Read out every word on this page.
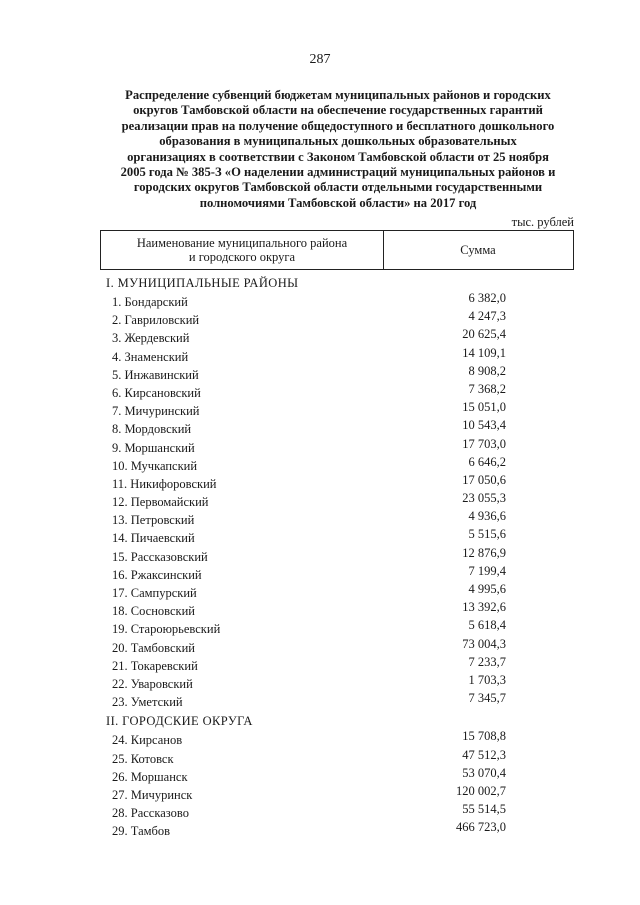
287
Распределение субвенций бюджетам муниципальных районов и городских
округов Тамбовской области на обеспечение государственных гарантий
реализации прав на получение общедоступного и бесплатного дошкольного
образования в муниципальных дошкольных образовательных
организациях в соответствии с Законом Тамбовской области от 25 ноября
2005 года № 385-З «О наделении администраций муниципальных районов и
городских округов Тамбовской области отдельными государственными
полномочиями Тамбовской области» на 2017 год
тыс. рублей
Наименование муниципального района
и городского округа
Сумма
I. МУНИЦИПАЛЬНЫЕ РАЙОНЫ
1. Бондарский	6 382,0
2. Гавриловский	4 247,3
3. Жердевский	20 625,4
4. Знаменский	14 109,1
5. Инжавинский	8 908,2
6. Кирсановский	7 368,2
7. Мичуринский	15 051,0
8. Мордовский	10 543,4
9. Моршанский	17 703,0
10. Мучкапский	6 646,2
11. Никифоровский	17 050,6
12. Первомайский	23 055,3
13. Петровский	4 936,6
14. Пичаевский	5 515,6
15. Рассказовский	12 876,9
16. Ржаксинский	7 199,4
17. Сампурский	4 995,6
18. Сосновский	13 392,6
19. Староюрьевский	5 618,4
20. Тамбовский	73 004,3
21. Токаревский	7 233,7
22. Уваровский	1 703,3
23. Уметский	7 345,7
II. ГОРОДСКИЕ ОКРУГА
24. Кирсанов	15 708,8
25. Котовск	47 512,3
26. Моршанск	53 070,4
27. Мичуринск	120 002,7
28. Рассказово	55 514,5
29. Тамбов	466 723,0
